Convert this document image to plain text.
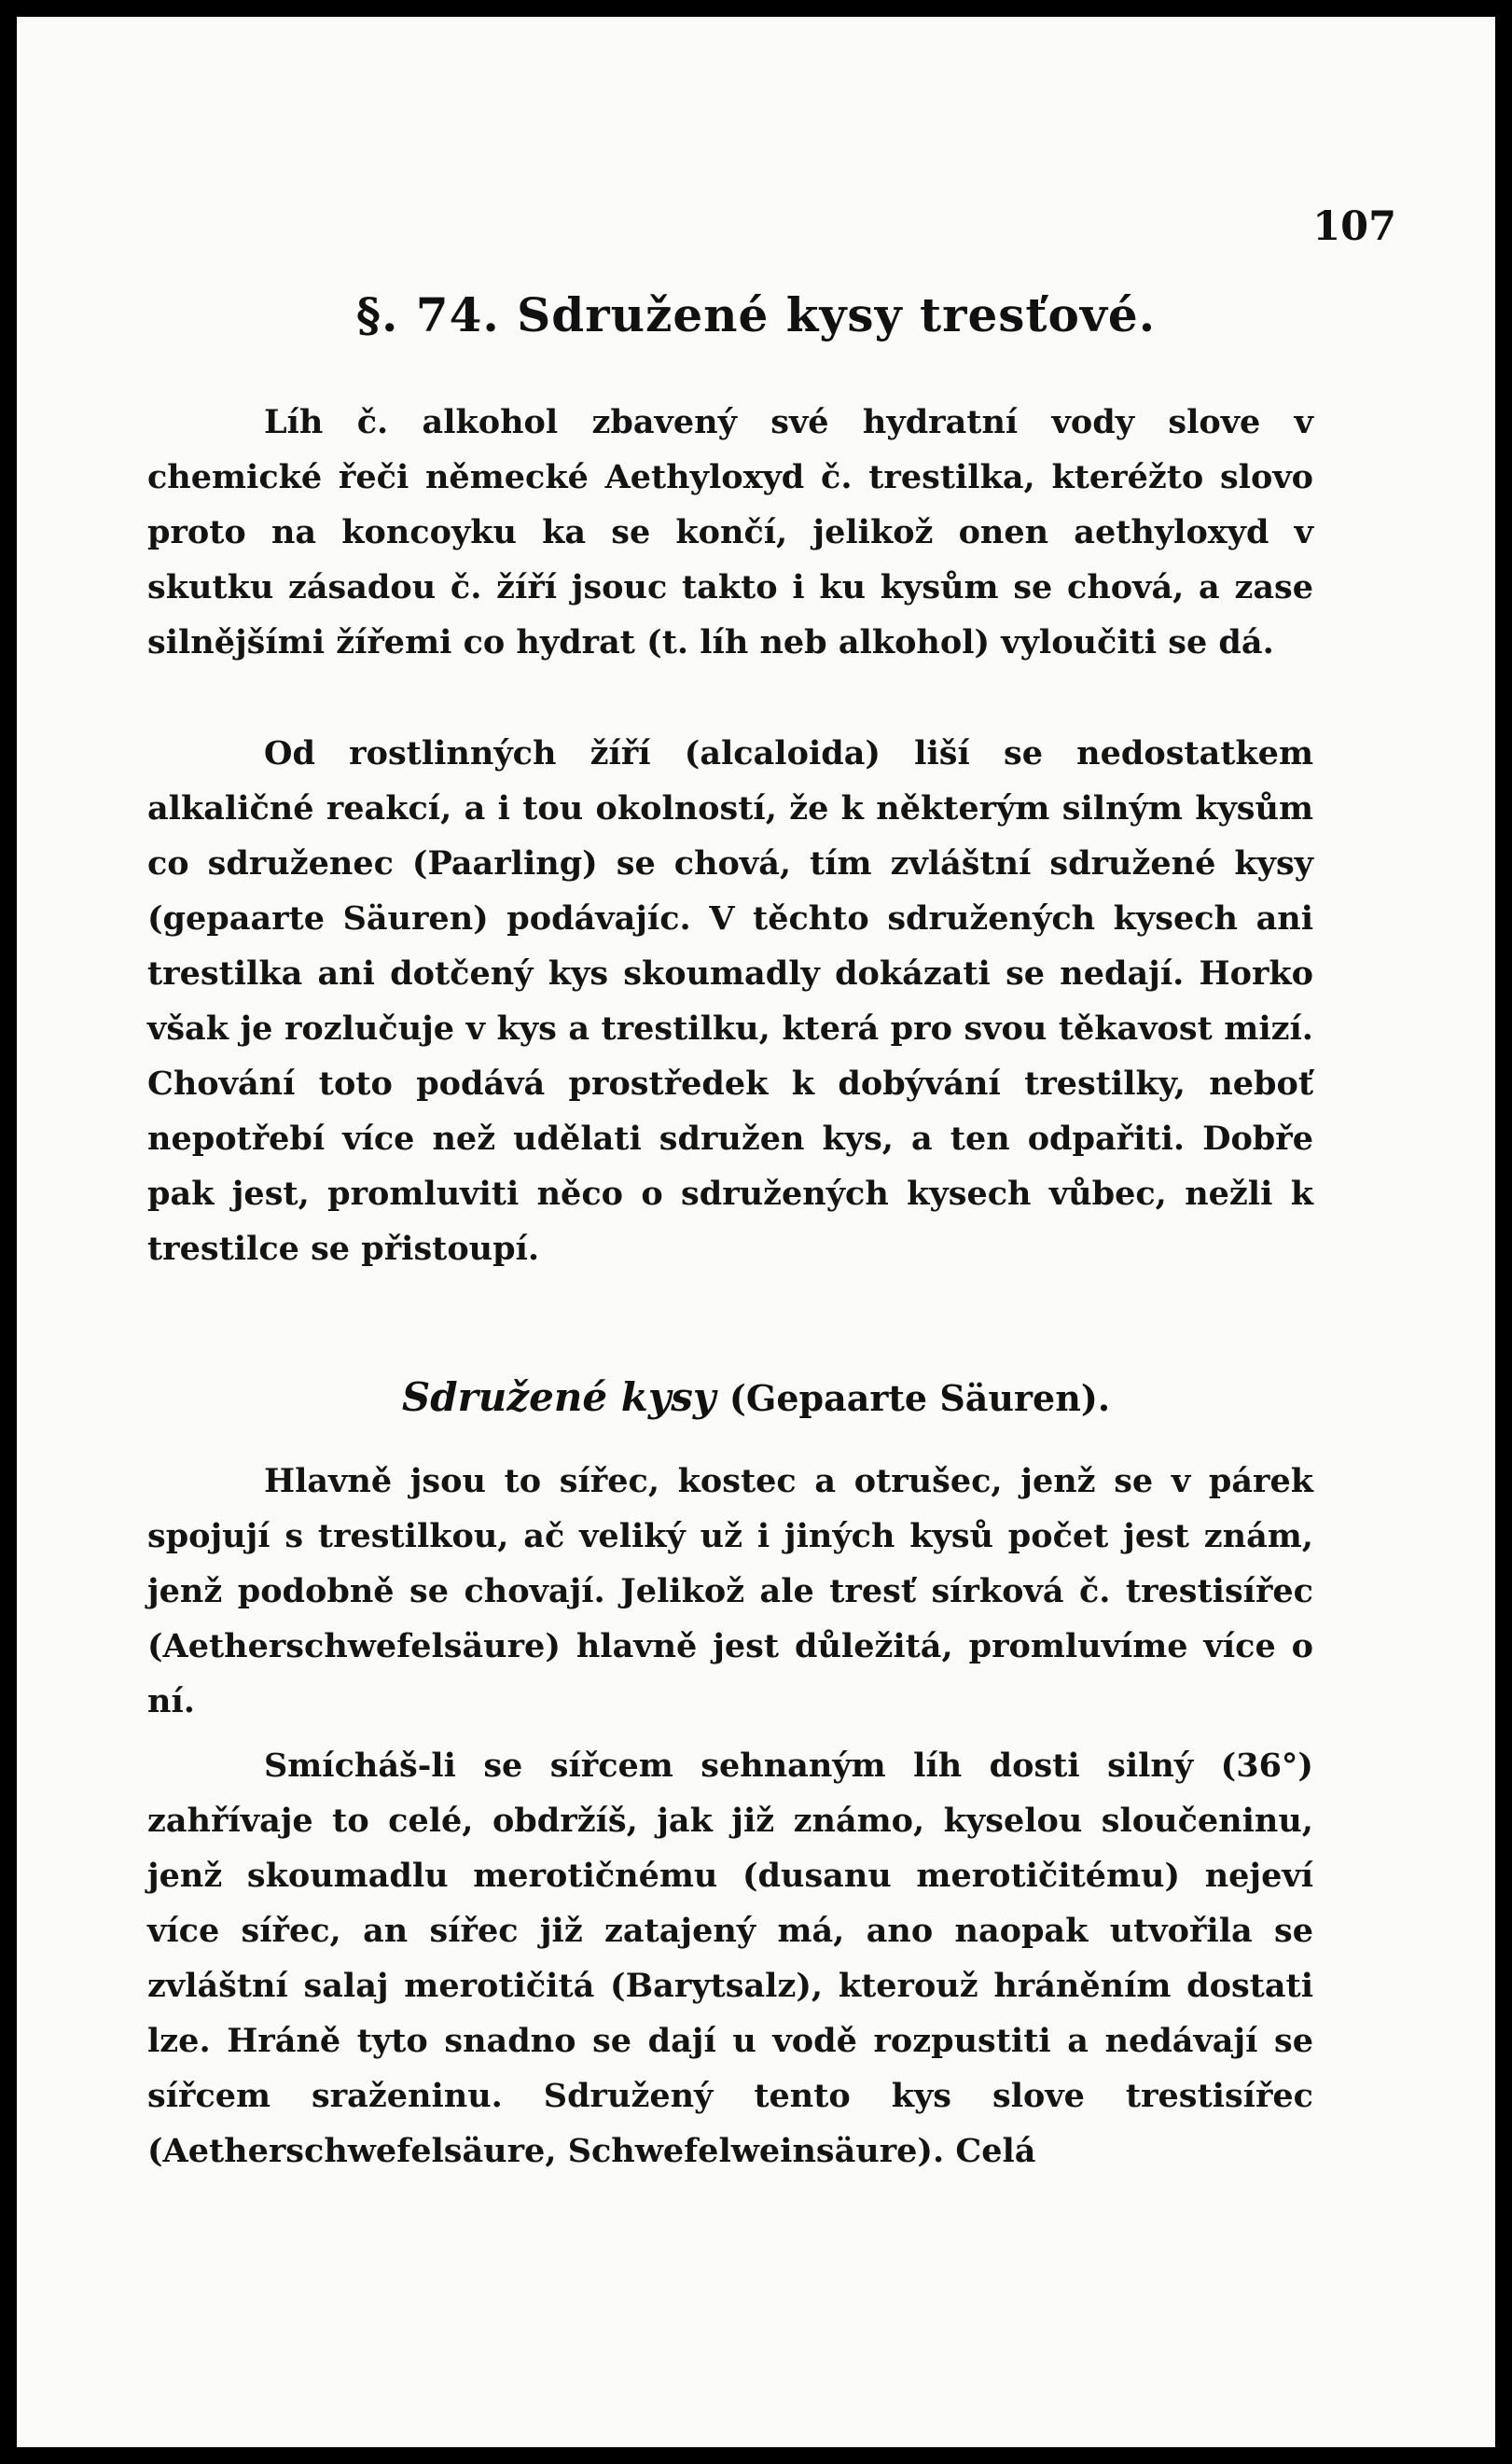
107
§. 74. Sdružené kysy tresťové.

Líh č. alkohol zbavený své hydratní vody slove v chemické řeči německé Aethyloxyd č. trestilka, kteréžto slovo proto na koncoyku ka se končí, jelikož onen aethyloxyd v skutku zásadou č. žíří jsouc takto i ku kysům se chová, a zase silnějšími žířemi co hydrat (t. líh neb alkohol) vyloučiti se dá.

Od rostlinných žíří (alcaloida) liší se nedostatkem alkaličné reakcí, a i tou okolností, že k některým silným kysům co sdruženec (Paarling) se chová, tím zvláštní sdružené kysy (gepaarte Säuren) podávajíc. V těchto sdružených kysech ani trestilka ani dotčený kys skoumadly dokázati se nedají. Horko však je rozlučuje v kys a trestilku, která pro svou těkavost mizí. Chování toto podává prostředek k dobývání trestilky, neboť nepotřebí více než udělati sdružen kys, a ten odpařiti. Dobře pak jest, promluviti něco o sdružených kysech vůbec, nežli k trestilce se přistoupí.

Sdružené kysy (Gepaarte Säuren).

Hlavně jsou to sířec, kostec a otrušec, jenž se v párek spojují s trestilkou, ač veliký už i jiných kysů počet jest znám, jenž podobně se chovají. Jelikož ale tresť sírková č. trestisířec (Aetherschwefelsäure) hlavně jest důležitá, promluvíme více o ní.

Smícháš-li se sířcem sehnaným líh dosti silný (36°) zahřívaje to celé, obdržíš, jak již známo, kyselou sloučeninu, jenž skoumadlu merotičnému (dusanu merotičitému) nejeví více sířec, an sířec již zatajený má, ano naopak utvořila se zvláštní salaj merotičitá (Barytsalz), kterouž hráněním dostati lze. Hráně tyto snadno se dají u vodě rozpustiti a nedávají se sířcem sraženinu. Sdružený tento kys slove trestisířec (Aetherschwefelsäure, Schwefelweinsäure). Celá
